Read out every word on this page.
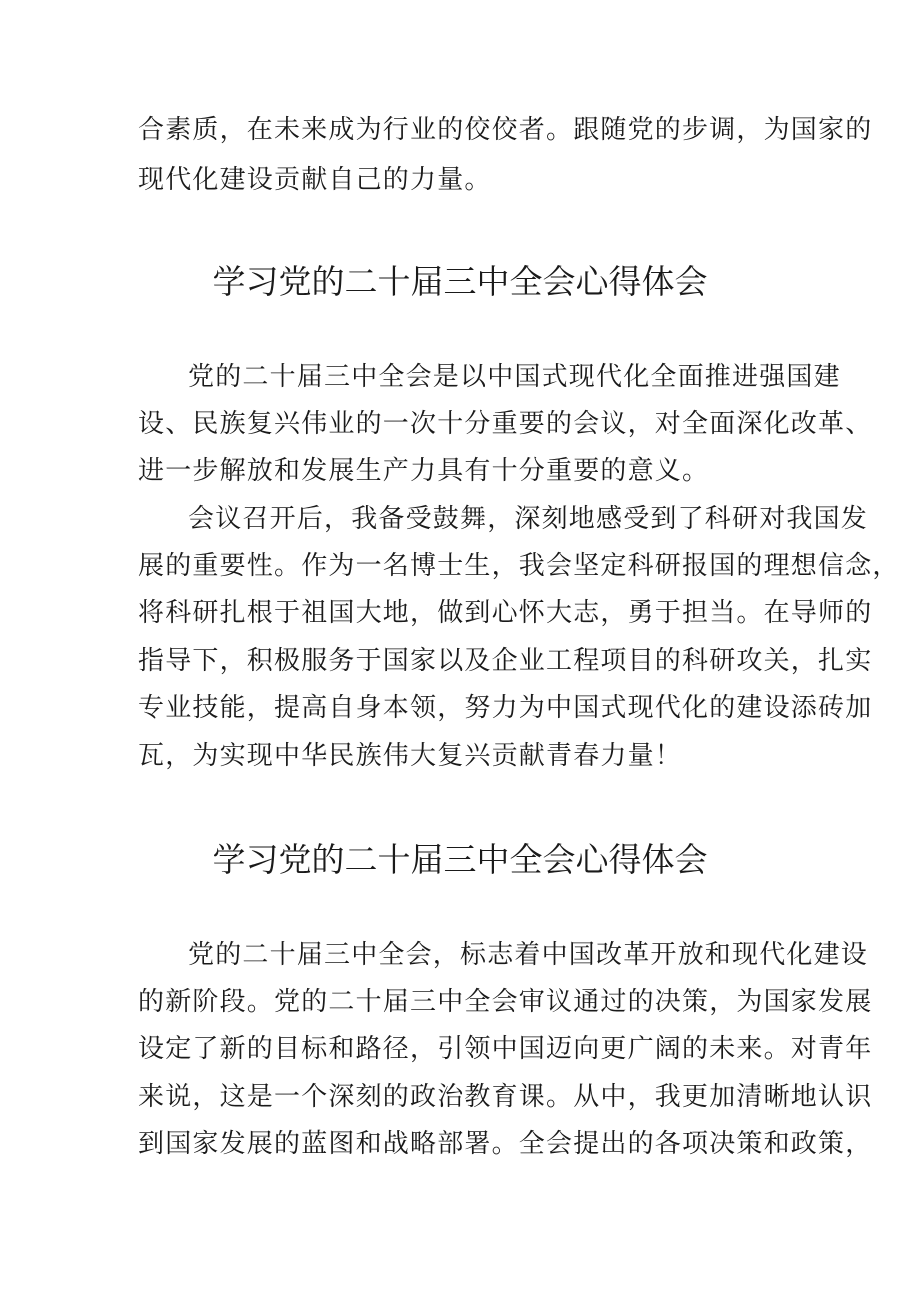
合素质，在未来成为行业的佼佼者。跟随党的步调，为国家的
现代化建设贡献自己的力量。
学习党的二十届三中全会心得体会
党的二十届三中全会是以中国式现代化全面推进强国建
设、民族复兴伟业的一次十分重要的会议，对全面深化改革、
进一步解放和发展生产力具有十分重要的意义。
会议召开后，我备受鼓舞，深刻地感受到了科研对我国发
展的重要性。作为一名博士生，我会坚定科研报国的理想信念，
将科研扎根于祖国大地，做到心怀大志，勇于担当。在导师的
指导下，积极服务于国家以及企业工程项目的科研攻关，扎实
专业技能，提高自身本领，努力为中国式现代化的建设添砖加
瓦，为实现中华民族伟大复兴贡献青春力量！
学习党的二十届三中全会心得体会
党的二十届三中全会，标志着中国改革开放和现代化建设
的新阶段。党的二十届三中全会审议通过的决策，为国家发展
设定了新的目标和路径，引领中国迈向更广阔的未来。对青年
来说，这是一个深刻的政治教育课。从中，我更加清晰地认识
到国家发展的蓝图和战略部署。全会提出的各项决策和政策，
